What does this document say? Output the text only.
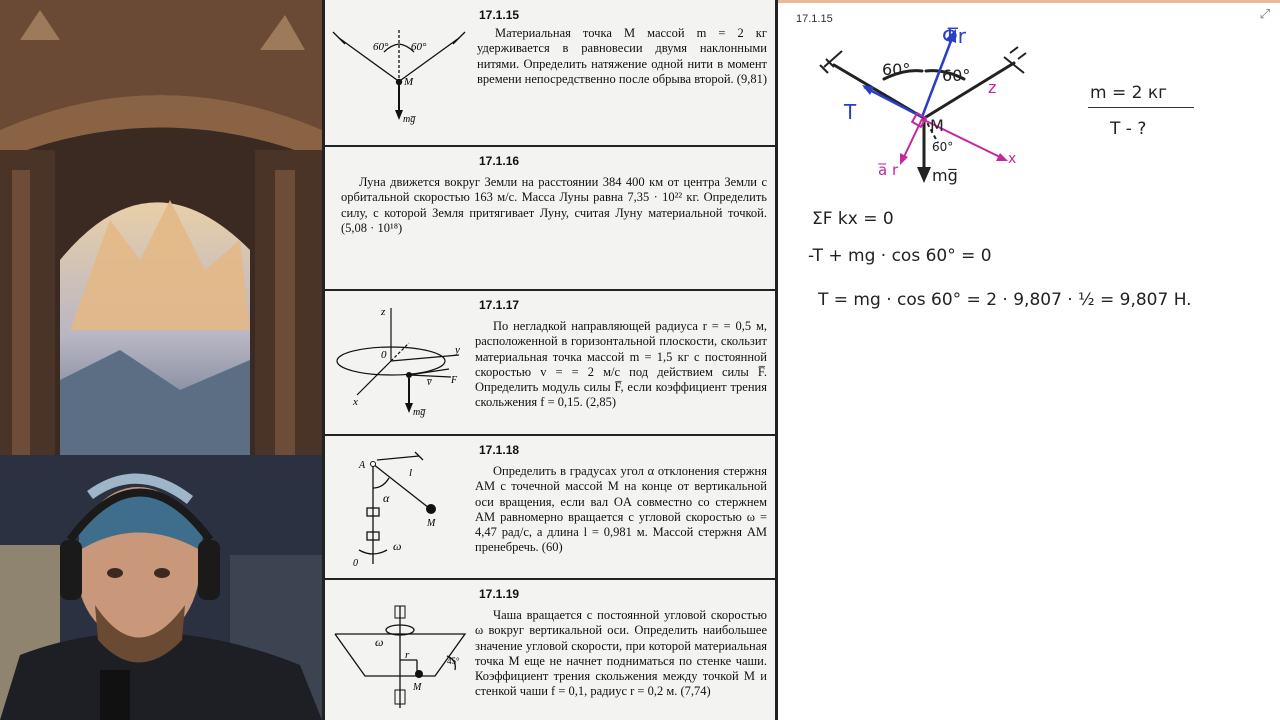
60° 60°
M
mg̅
17.1.15
Материальная точка M массой m = 2 кг удерживается в равновесии двумя наклонными нитями. Определить натяжение одной нити в момент времени непосредственно после обрыва второй. (9,81)
17.1.16
Луна движется вокруг Земли на расстоянии 384 400 км от центра Земли с орбитальной скоростью 163 м/с. Масса Луны равна 7,35 · 10²² кг. Определить силу, с которой Земля притягивает Луну, считая Луну материальной точкой. (5,08 · 10¹⁸)
z
y
x
0
v̅ F
mg̅
17.1.17
По негладкой направляющей радиуса r = = 0,5 м, расположенной в горизонтальной плоскости, скользит материальная точка массой m = 1,5 кг с постоянной скоростью v = = 2 м/с под действием силы F̅. Определить модуль силы F̅, если коэффициент трения скольжения f = 0,15. (2,85)
A
l
α
M
0
ω
17.1.18
Определить в градусах угол α отклонения стержня AM с точечной массой M на конце от вертикальной оси вращения, если вал OA совместно со стержнем AM равномерно вращается с угловой скоростью ω = 4,47 рад/с, а длина l = 0,981 м. Массой стержня AM пренебречь. (60)
ω
r	45°
M
17.1.19
Чаша вращается с постоянной угловой скоростью ω вокруг вертикальной оси. Определить наибольшее значение угловой скорости, при которой материальная точка M еще не начнет подниматься по стенке чаши. Коэффициент трения скольжения между точкой M и стенкой чаши f = 0,1, радиус r = 0,2 м. (7,74)
17.1.15	⤢
Φ̅r
T
a̅ r
M
z
x
60° 60°
60°
mg̅
m = 2 кг
T - ?
ΣF kx = 0
-T + mg · cos 60° = 0
T = mg · cos 60° = 2 · 9,807 · ½ = 9,807 H.
